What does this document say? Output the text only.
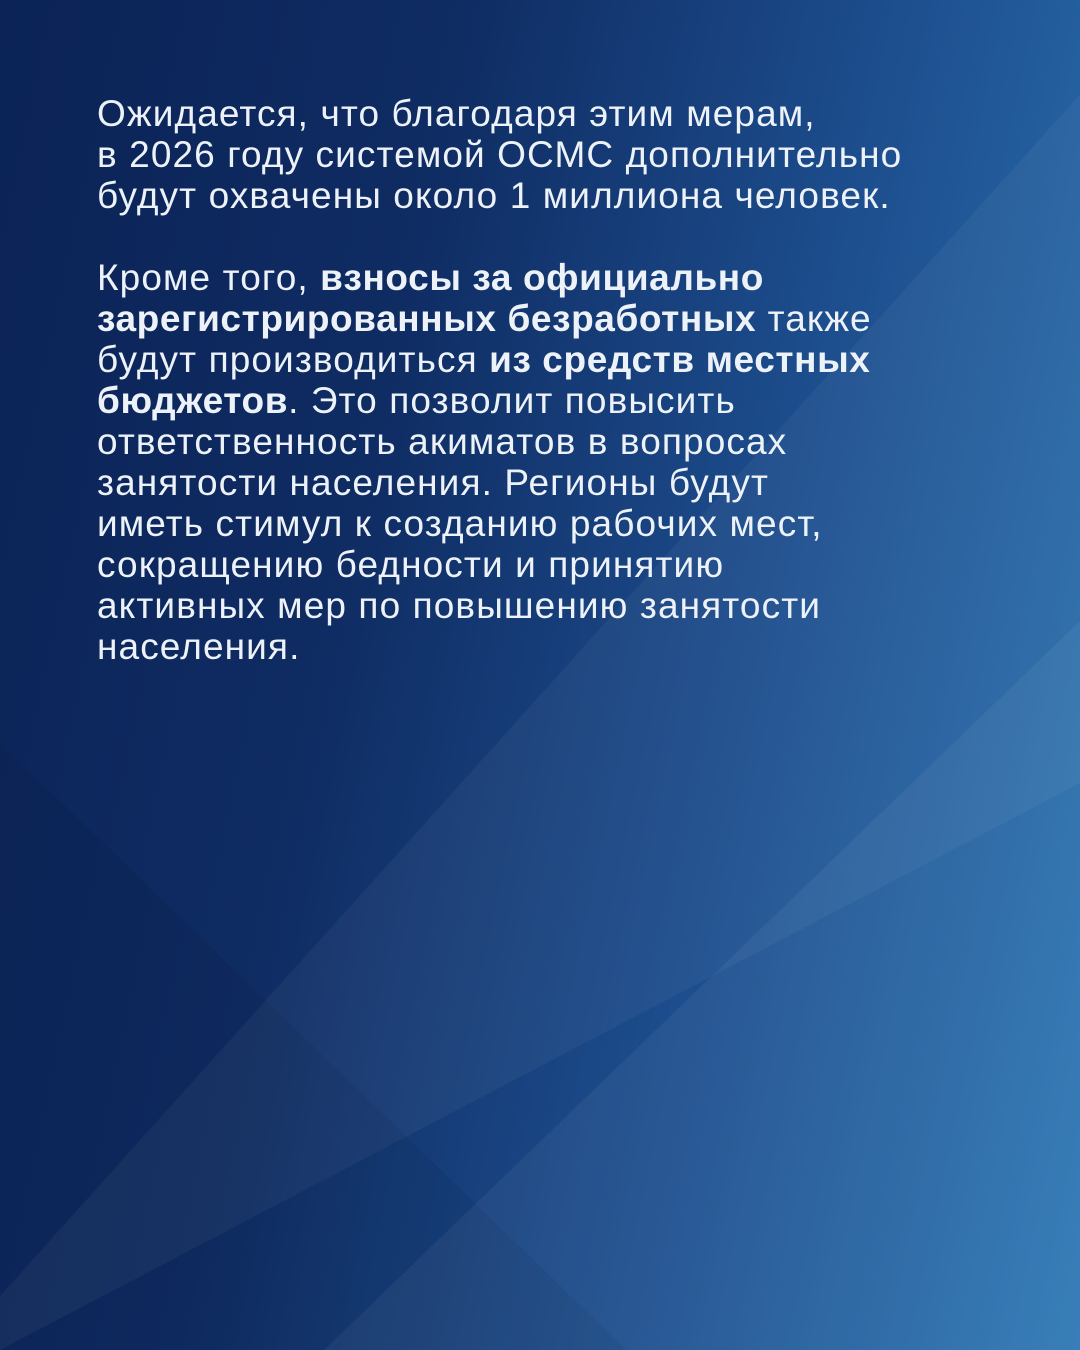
Ожидается, что благодаря этим мерам,
в 2026 году системой ОСМС дополнительно
будут охвачены около 1 миллиона человек.

Кроме того, взносы за официально
зарегистрированных безработных также
будут производиться из средств местных
бюджетов. Это позволит повысить
ответственность акиматов в вопросах
занятости населения. Регионы будут
иметь стимул к созданию рабочих мест,
сокращению бедности и принятию
активных мер по повышению занятости
населения.
